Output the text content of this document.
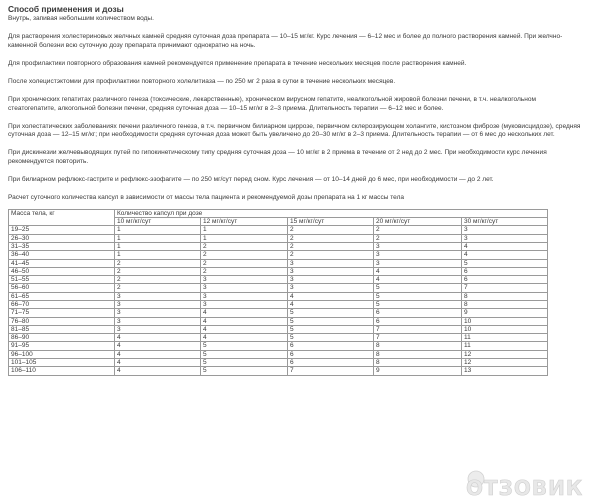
Способ применения и дозы
Внутрь, запивая небольшим количеством воды.
Для растворения холестериновых желчных камней средняя суточная доза препарата — 10–15 мг/кг. Курс лечения — 6–12 мес и более до полного растворения камней. При желчно-каменной болезни всю суточную дозу препарата принимают однократно на ночь.
Для профилактики повторного образования камней рекомендуется применение препарата в течение нескольких месяцев после растворения камней.
После холецистэктомии для профилактики повторного холелитиаза — по 250 мг 2 раза в сутки в течение нескольких месяцев.
При хронических гепатитах различного генеза (токсические, лекарственные), хроническом вирусном гепатите, неалкогольной жировой болезни печени, в т.ч. неалкогольном стеатогепатите, алкогольной болезни печени, средняя суточная доза — 10–15 мг/кг в 2–3 приема. Длительность терапии — 6–12 мес и более.
При холестатических заболеваниях печени различного генеза, в т.ч. первичном билиарном циррозе, первичном склерозирующем холангите, кистозном фиброзе (муковисцидозе), средняя суточная доза — 12–15 мг/кг; при необходимости средняя суточная доза может быть увеличено до 20–30 мг/кг в 2–3 приема. Длительность терапии — от 6 мес до нескольких лет.
При дискинезии желчевыводящих путей по гипокинетическому типу средняя суточная доза — 10 мг/кг в 2 приема в течение от 2 нед до 2 мес. При необходимости курс лечения рекомендуется повторить.
При билиарном рефлюкс-гастрите и рефлюкс-эзофагите — по 250 мг/сут перед сном. Курс лечения — от 10–14 дней до 6 мес, при необходимости — до 2 лет.
Расчет суточного количества капсул в зависимости от массы тела пациента и рекомендуемой дозы препарата на 1 кг массы тела
Масса тела, кг	Количество капсул при дозе				
	10 мг/кг/сут	12 мг/кг/сут	15 мг/кг/сут	20 мг/кг/сут	30 мг/кг/сут
19–25	1	1	2	2	3
26–30	1	1	2	2	3
31–35	1	2	2	3	4
36–40	1	2	2	3	4
41–45	2	2	3	3	5
46–50	2	2	3	4	6
51–55	2	3	3	4	6
56–60	2	3	3	5	7
61–65	3	3	4	5	8
66–70	3	3	4	5	8
71–75	3	4	5	6	9
76–80	3	4	5	6	10
81–85	3	4	5	7	10
86–90	4	4	5	7	11
91–95	4	5	6	8	11
96–100	4	5	6	8	12
101–105	4	5	6	8	12
106–110	4	5	7	9	13
ОТЗОВИК
